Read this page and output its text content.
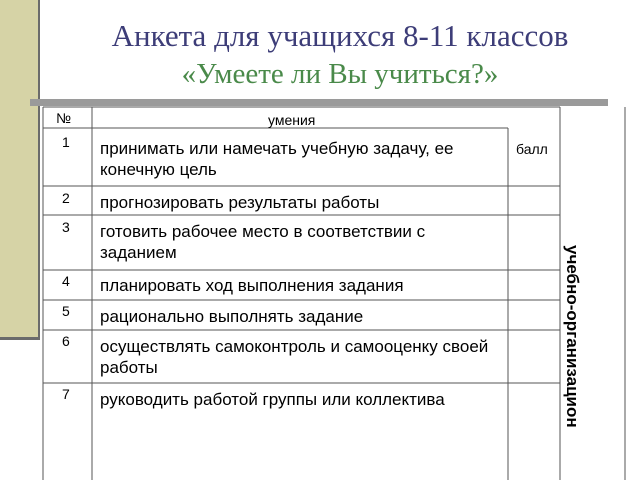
Анкета для учащихся 8-11 классов
«Умеете ли Вы учиться?»
№	умения
балл
1 принимать или намечать учебную задачу, ее конечную цель
2 прогнозировать результаты работы
3 готовить рабочее место в соответствии с заданием
4 планировать ход выполнения задания
5 рационально выполнять задание
6 осуществлять самоконтроль и самооценку своей работы
7 руководить работой группы или коллектива	учебно-организацион
